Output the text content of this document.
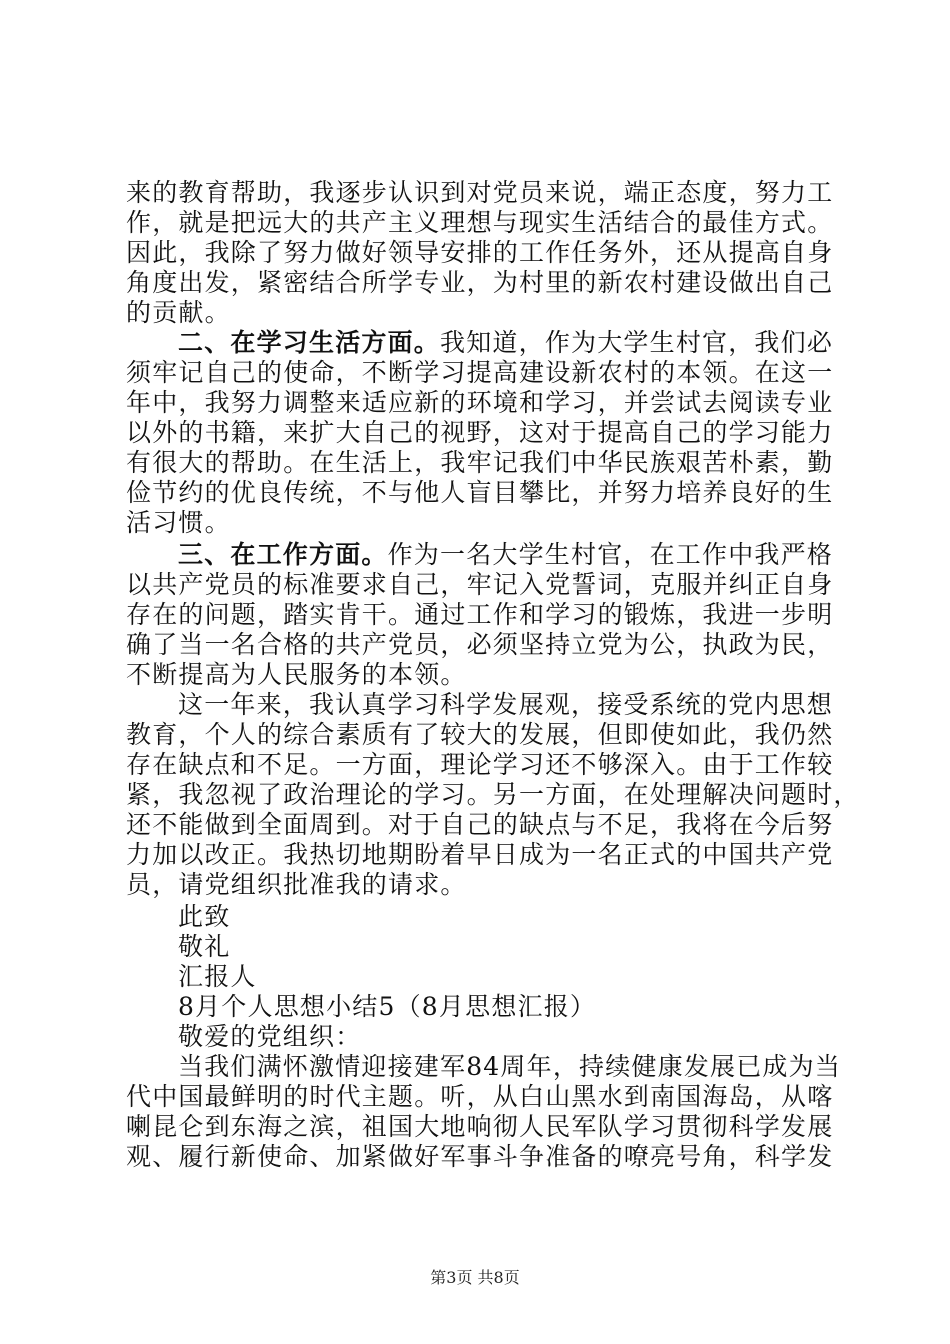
来的教育帮助，我逐步认识到对党员来说，端正态度，努力工
作，就是把远大的共产主义理想与现实生活结合的最佳方式。
因此，我除了努力做好领导安排的工作任务外，还从提高自身
角度出发，紧密结合所学专业，为村里的新农村建设做出自己
的贡献。
二、在学习生活方面。我知道，作为大学生村官，我们必
须牢记自己的使命，不断学习提高建设新农村的本领。在这一
年中，我努力调整来适应新的环境和学习，并尝试去阅读专业
以外的书籍，来扩大自己的视野，这对于提高自己的学习能力
有很大的帮助。在生活上，我牢记我们中华民族艰苦朴素，勤
俭节约的优良传统，不与他人盲目攀比，并努力培养良好的生
活习惯。
三、在工作方面。作为一名大学生村官，在工作中我严格
以共产党员的标准要求自己，牢记入党誓词，克服并纠正自身
存在的问题，踏实肯干。通过工作和学习的锻炼，我进一步明
确了当一名合格的共产党员，必须坚持立党为公，执政为民，
不断提高为人民服务的本领。
这一年来，我认真学习科学发展观，接受系统的党内思想
教育，个人的综合素质有了较大的发展，但即使如此，我仍然
存在缺点和不足。一方面，理论学习还不够深入。由于工作较
紧，我忽视了政治理论的学习。另一方面，在处理解决问题时，
还不能做到全面周到。对于自己的缺点与不足，我将在今后努
力加以改正。我热切地期盼着早日成为一名正式的中国共产党
员，请党组织批准我的请求。
此致
敬礼
汇报人
8月个人思想小结5（8月思想汇报）
敬爱的党组织：
当我们满怀激情迎接建军84周年，持续健康发展已成为当
代中国最鲜明的时代主题。听，从白山黑水到南国海岛，从喀
喇昆仑到东海之滨，祖国大地响彻人民军队学习贯彻科学发展
观、履行新使命、加紧做好军事斗争准备的嘹亮号角，科学发
第3页 共8页
